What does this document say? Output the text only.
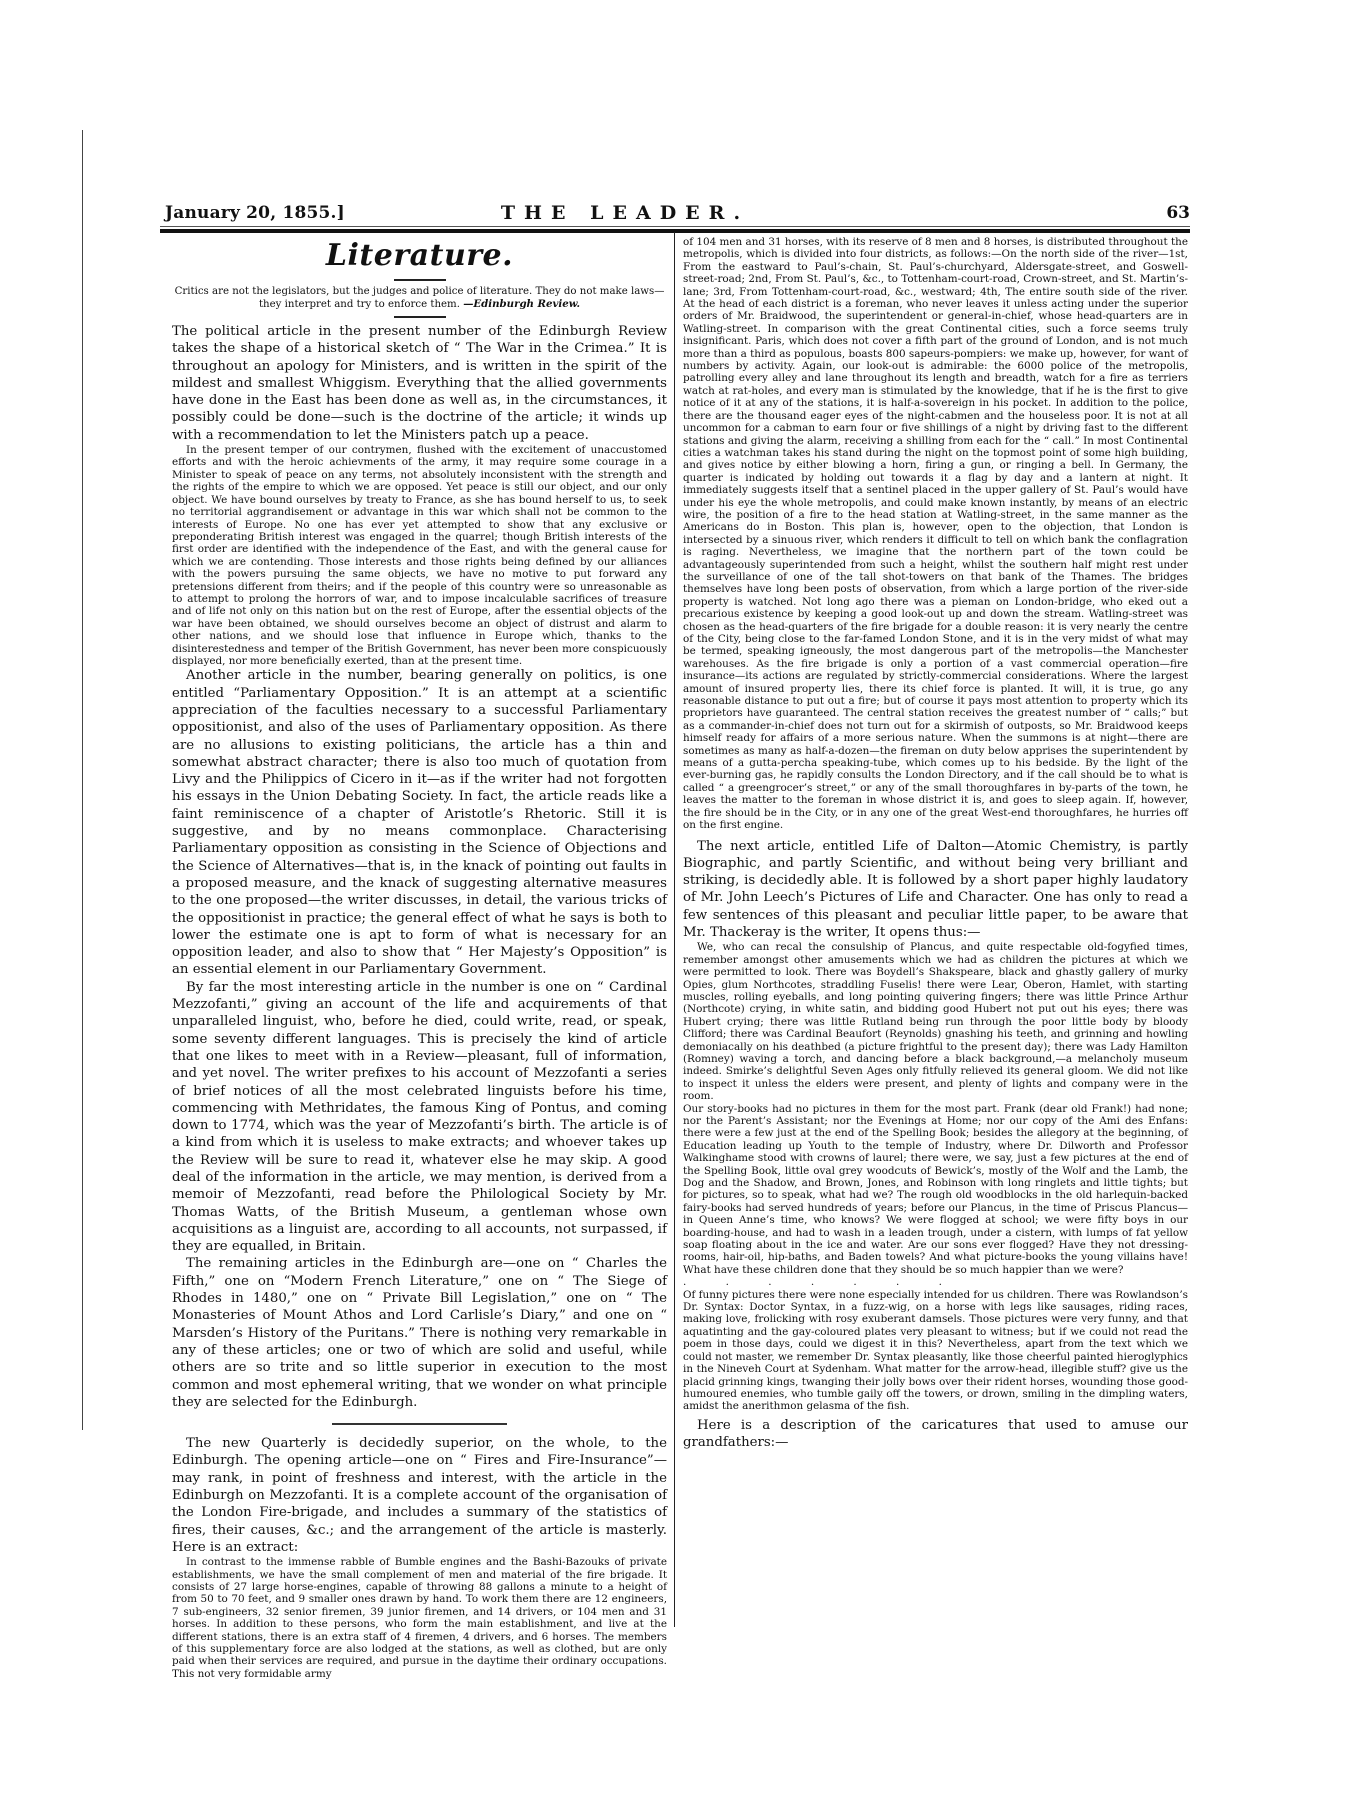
January 20, 1855.]	THE LEADER.	63
Literature.
Critics are not the legislators, but the judges and police of literature. They do not make laws—they interpret and try to enforce them. —Edinburgh Review.

The political article in the present number of the Edinburgh Review takes the shape of a historical sketch of “ The War in the Crimea.” It is throughout an apology for Ministers, and is written in the spirit of the mildest and smallest Whiggism. Everything that the allied governments have done in the East has been done as well as, in the circumstances, it possibly could be done—such is the doctrine of the article; it winds up with a recommendation to let the Ministers patch up a peace.

In the present temper of our contrymen, flushed with the excitement of unaccustomed efforts and with the heroic achievments of the army, it may require some courage in a Minister to speak of peace on any terms, not absolutely inconsistent with the strength and the rights of the empire to which we are opposed. Yet peace is still our object, and our only object. We have bound ourselves by treaty to France, as she has bound herself to us, to seek no territorial aggrandisement or advantage in this war which shall not be common to the interests of Europe. No one has ever yet attempted to show that any exclusive or preponderating British interest was engaged in the quarrel; though British interests of the first order are identified with the independence of the East, and with the general cause for which we are contending. Those interests and those rights being defined by our alliances with the powers pursuing the same objects, we have no motive to put forward any pretensions different from theirs; and if the people of this country were so unreasonable as to attempt to prolong the horrors of war, and to impose incalculable sacrifices of treasure and of life not only on this nation but on the rest of Europe, after the essential objects of the war have been obtained, we should ourselves become an object of distrust and alarm to other nations, and we should lose that influence in Europe which, thanks to the disinterestedness and temper of the British Government, has never been more conspicuously displayed, nor more beneficially exerted, than at the present time.

Another article in the number, bearing generally on politics, is one entitled “Parliamentary Opposition.” It is an attempt at a scientific appreciation of the faculties necessary to a successful Parliamentary oppositionist, and also of the uses of Parliamentary opposition. As there are no allusions to existing politicians, the article has a thin and somewhat abstract character; there is also too much of quotation from Livy and the Philippics of Cicero in it—as if the writer had not forgotten his essays in the Union Debating Society. In fact, the article reads like a faint reminiscence of a chapter of Aristotle’s Rhetoric. Still it is suggestive, and by no means commonplace. Characterising Parliamentary opposition as consisting in the Science of Objections and the Science of Alternatives—that is, in the knack of pointing out faults in a proposed measure, and the knack of suggesting alternative measures to the one proposed—the writer discusses, in detail, the various tricks of the oppositionist in practice; the general effect of what he says is both to lower the estimate one is apt to form of what is necessary for an opposition leader, and also to show that “ Her Majesty’s Opposition” is an essential element in our Parliamentary Government.

By far the most interesting article in the number is one on “ Cardinal Mezzofanti,” giving an account of the life and acquirements of that unparalleled linguist, who, before he died, could write, read, or speak, some seventy different languages. This is precisely the kind of article that one likes to meet with in a Review—pleasant, full of information, and yet novel. The writer prefixes to his account of Mezzofanti a series of brief notices of all the most celebrated linguists before his time, commencing with Methridates, the famous King of Pontus, and coming down to 1774, which was the year of Mezzofanti’s birth. The article is of a kind from which it is useless to make extracts; and whoever takes up the Review will be sure to read it, whatever else he may skip. A good deal of the information in the article, we may mention, is derived from a memoir of Mezzofanti, read before the Philological Society by Mr. Thomas Watts, of the British Museum, a gentleman whose own acquisitions as a linguist are, according to all accounts, not surpassed, if they are equalled, in Britain.

The remaining articles in the Edinburgh are—one on “ Charles the Fifth,” one on “Modern French Literature,” one on “ The Siege of Rhodes in 1480,” one on “ Private Bill Legislation,” one on “ The Monasteries of Mount Athos and Lord Carlisle’s Diary,” and one on “ Marsden’s History of the Puritans.” There is nothing very remarkable in any of these articles; one or two of which are solid and useful, while others are so trite and so little superior in execution to the most common and most ephemeral writing, that we wonder on what principle they are selected for the Edinburgh.

The new Quarterly is decidedly superior, on the whole, to the Edinburgh. The opening article—one on “ Fires and Fire-Insurance”—may rank, in point of freshness and interest, with the article in the Edinburgh on Mezzofanti. It is a complete account of the organisation of the London Fire-brigade, and includes a summary of the statistics of fires, their causes, &c.; and the arrangement of the article is masterly. Here is an extract:

In contrast to the immense rabble of Bumble engines and the Bashi-Bazouks of private establishments, we have the small complement of men and material of the fire brigade. It consists of 27 large horse-engines, capable of throwing 88 gallons a minute to a height of from 50 to 70 feet, and 9 smaller ones drawn by hand. To work them there are 12 engineers, 7 sub-engineers, 32 senior firemen, 39 junior firemen, and 14 drivers, or 104 men and 31 horses. In addition to these persons, who form the main establishment, and live at the different stations, there is an extra staff of 4 firemen, 4 drivers, and 6 horses. The members of this supplementary force are also lodged at the stations, as well as clothed, but are only paid when their services are required, and pursue in the daytime their ordinary occupations. This not very formidable army

of 104 men and 31 horses, with its reserve of 8 men and 8 horses, is distributed throughout the metropolis, which is divided into four districts, as follows:—On the north side of the river—1st, From the eastward to Paul’s-chain, St. Paul’s-churchyard, Aldersgate-street, and Goswell-street-road; 2nd, From St. Paul’s, &c., to Tottenham-court-road, Crown-street, and St. Martin’s-lane; 3rd, From Tottenham-court-road, &c., westward; 4th, The entire south side of the river. At the head of each district is a foreman, who never leaves it unless acting under the superior orders of Mr. Braidwood, the superintendent or general-in-chief, whose head-quarters are in Watling-street. In comparison with the great Continental cities, such a force seems truly insignificant. Paris, which does not cover a fifth part of the ground of London, and is not much more than a third as populous, boasts 800 sapeurs-pompiers: we make up, however, for want of numbers by activity. Again, our look-out is admirable: the 6000 police of the metropolis, patrolling every alley and lane throughout its length and breadth, watch for a fire as terriers watch at rat-holes, and every man is stimulated by the knowledge, that if he is the first to give notice of it at any of the stations, it is half-a-sovereign in his pocket. In addition to the police, there are the thousand eager eyes of the night-cabmen and the houseless poor. It is not at all uncommon for a cabman to earn four or five shillings of a night by driving fast to the different stations and giving the alarm, receiving a shilling from each for the “ call.” In most Continental cities a watchman takes his stand during the night on the topmost point of some high building, and gives notice by either blowing a horn, firing a gun, or ringing a bell. In Germany, the quarter is indicated by holding out towards it a flag by day and a lantern at night. It immediately suggests itself that a sentinel placed in the upper gallery of St. Paul’s would have under his eye the whole metropolis, and could make known instantly, by means of an electric wire, the position of a fire to the head station at Watling-street, in the same manner as the Americans do in Boston. This plan is, however, open to the objection, that London is intersected by a sinuous river, which renders it difficult to tell on which bank the conflagration is raging. Nevertheless, we imagine that the northern part of the town could be advantageously superintended from such a height, whilst the southern half might rest under the surveillance of one of the tall shot-towers on that bank of the Thames. The bridges themselves have long been posts of observation, from which a large portion of the river-side property is watched. Not long ago there was a pieman on London-bridge, who eked out a precarious existence by keeping a good look-out up and down the stream. Watling-street was chosen as the head-quarters of the fire brigade for a double reason: it is very nearly the centre of the City, being close to the far-famed London Stone, and it is in the very midst of what may be termed, speaking igneously, the most dangerous part of the metropolis—the Manchester warehouses. As the fire brigade is only a portion of a vast commercial operation—fire insurance—its actions are regulated by strictly-commercial considerations. Where the largest amount of insured property lies, there its chief force is planted. It will, it is true, go any reasonable distance to put out a fire; but of course it pays most attention to property which its proprietors have guaranteed. The central station receives the greatest number of “ calls;” but as a commander-in-chief does not turn out for a skirmish of outposts, so Mr. Braidwood keeps himself ready for affairs of a more serious nature. When the summons is at night—there are sometimes as many as half-a-dozen—the fireman on duty below apprises the superintendent by means of a gutta-percha speaking-tube, which comes up to his bedside. By the light of the ever-burning gas, he rapidly consults the London Directory, and if the call should be to what is called “ a greengrocer’s street,” or any of the small thoroughfares in by-parts of the town, he leaves the matter to the foreman in whose district it is, and goes to sleep again. If, however, the fire should be in the City, or in any one of the great West-end thoroughfares, he hurries off on the first engine.

The next article, entitled Life of Dalton—Atomic Chemistry, is partly Biographic, and partly Scientific, and without being very brilliant and striking, is decidedly able. It is followed by a short paper highly laudatory of Mr. John Leech’s Pictures of Life and Character. One has only to read a few sentences of this pleasant and peculiar little paper, to be aware that Mr. Thackeray is the writer, It opens thus:—

We, who can recal the consulship of Plancus, and quite respectable old-fogyfied times, remember amongst other amusements which we had as children the pictures at which we were permitted to look. There was Boydell’s Shakspeare, black and ghastly gallery of murky Opies, glum Northcotes, straddling Fuselis! there were Lear, Oberon, Hamlet, with starting muscles, rolling eyeballs, and long pointing quivering fingers; there was little Prince Arthur (Northcote) crying, in white satin, and bidding good Hubert not put out his eyes; there was Hubert crying; there was little Rutland being run through the poor little body by bloody Clifford; there was Cardinal Beaufort (Reynolds) gnashing his teeth, and grinning and howling demoniacally on his deathbed (a picture frightful to the present day); there was Lady Hamilton (Romney) waving a torch, and dancing before a black background,—a melancholy museum indeed. Smirke’s delightful Seven Ages only fitfully relieved its general gloom. We did not like to inspect it unless the elders were present, and plenty of lights and company were in the room.

Our story-books had no pictures in them for the most part. Frank (dear old Frank!) had none; nor the Parent’s Assistant; nor the Evenings at Home; nor our copy of the Ami des Enfans: there were a few just at the end of the Spelling Book; besides the allegory at the beginning, of Education leading up Youth to the temple of Industry, where Dr. Dilworth and Professor Walkinghame stood with crowns of laurel; there were, we say, just a few pictures at the end of the Spelling Book, little oval grey woodcuts of Bewick’s, mostly of the Wolf and the Lamb, the Dog and the Shadow, and Brown, Jones, and Robinson with long ringlets and little tights; but for pictures, so to speak, what had we? The rough old woodblocks in the old harlequin-backed fairy-books had served hundreds of years; before our Plancus, in the time of Priscus Plancus—in Queen Anne’s time, who knows? We were flogged at school; we were fifty boys in our boarding-house, and had to wash in a leaden trough, under a cistern, with lumps of fat yellow soap floating about in the ice and water. Are our sons ever flogged? Have they not dressing-rooms, hair-oil, hip-baths, and Baden towels? And what picture-books the young villains have! What have these children done that they should be so much happier than we were?

. . . . . . .

Of funny pictures there were none especially intended for us children. There was Rowlandson’s Dr. Syntax: Doctor Syntax, in a fuzz-wig, on a horse with legs like sausages, riding races, making love, frolicking with rosy exuberant damsels. Those pictures were very funny, and that aquatinting and the gay-coloured plates very pleasant to witness; but if we could not read the poem in those days, could we digest it in this? Nevertheless, apart from the text which we could not master, we remember Dr. Syntax pleasantly, like those cheerful painted hieroglyphics in the Nineveh Court at Sydenham. What matter for the arrow-head, illegible stuff? give us the placid grinning kings, twanging their jolly bows over their rident horses, wounding those good-humoured enemies, who tumble gaily off the towers, or drown, smiling in the dimpling waters, amidst the anerithmon gelasma of the fish.

Here is a description of the caricatures that used to amuse our grandfathers:—
